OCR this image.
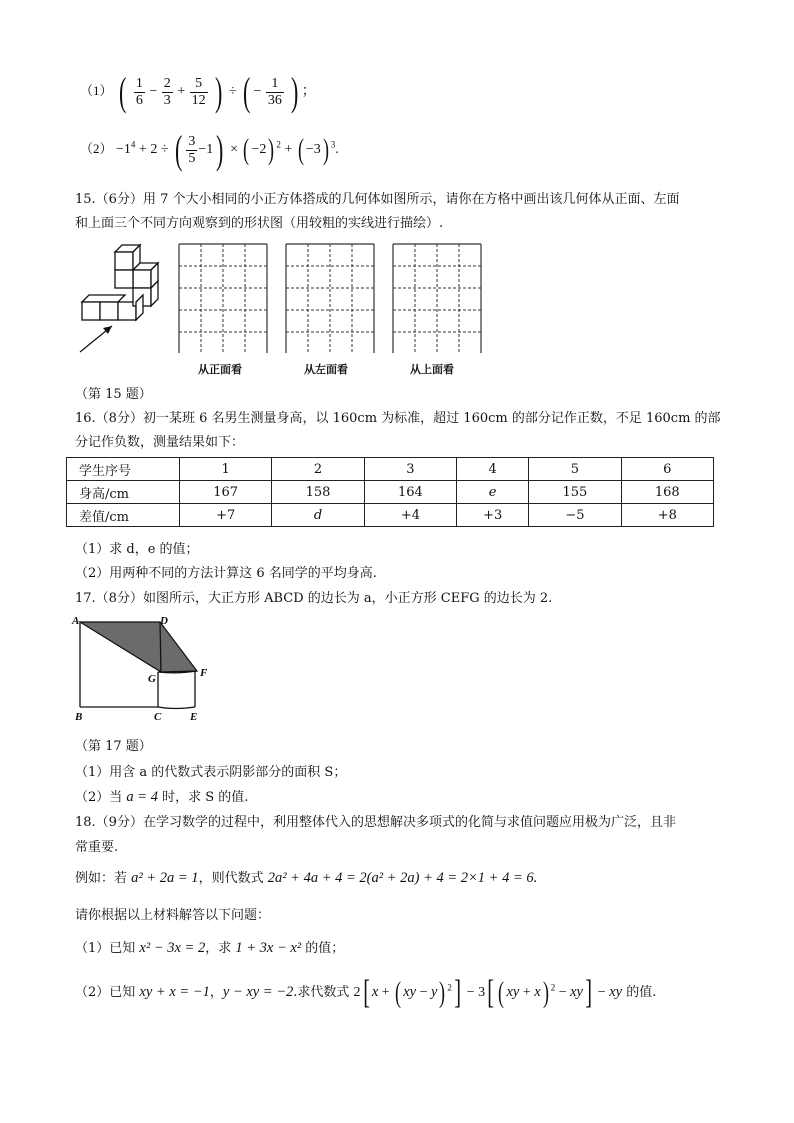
（1） ( $\frac{1}{6} - \frac{2}{3} + \frac{5}{12}$ ) ÷ ( − $\frac{1}{36}$ ) ；
$(2) -1^4 + 2$ ÷ ( $\frac{3}{5} -1$) × ( −2) $^2$ + ( −3) $^3$.
15.（6分）用 7 个大小相同的小正方体搭成的几何体如图所示，请你在方格中画出该几何体从正面、左面
和上面三个不同方向观察到的形状图（用较粗的实线进行描绘）.
从正面看	从左面看	从上面看
（第 15 题）
16.（8分）初一某班 6 名男生测量身高，以 160cm 为标准，超过 160cm 的部分记作正数，不足 160cm 的部
分记作负数，测量结果如下：
学生序号	1	2	3	4	5	6
身高/cm	167	158	164	e	155	168
差值/cm	+7	d	+4	+3	−5	+8
（1）求 d，e 的值；
（2）用两种不同的方法计算这 6 名同学的平均身高.
17.（8分）如图所示，大正方形 ABCD 的边长为 a，小正方形 CEFG 的边长为 2.
A	D
G	F
B	C	E
（第 17 题）
（1）用含 a 的代数式表示阴影部分的面积 S；
（2）当 a = 4 时，求 S 的值.
18.（9分）在学习数学的过程中，利用整体代入的思想解决多项式的化简与求值问题应用极为广泛，且非
常重要.
例如：若 a² + 2a = 1，则代数式 2a² + 4a + 4 = 2(a² + 2a) + 4 = 2×1 + 4 = 6.
请你根据以上材料解答以下问题：
（1）已知 x² − 3x = 2，求 1 + 3x − x² 的值；
（2）已知 xy + x = −1，y − xy = −2.求代数式 2[ x + ( xy − y) $^2$] − 3[ ( xy + x) $^2$ − xy] − xy 的值.
